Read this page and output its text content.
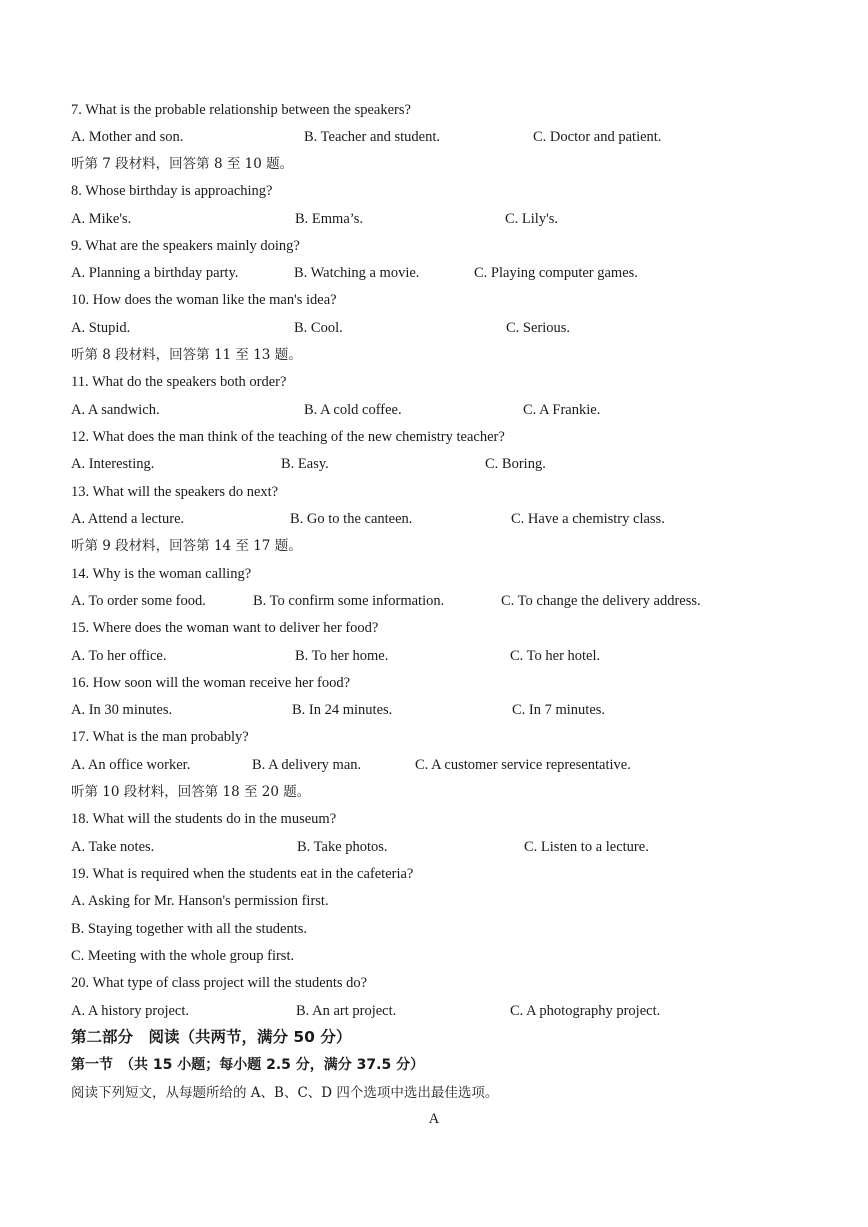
7. What is the probable relationship between the speakers?
A. Mother and son.	B. Teacher and student.	C. Doctor and patient.
听第 7 段材料，回答第 8 至 10 题。
8. Whose birthday is approaching?
A. Mike's.	B. Emma’s.	C. Lily's.
9. What are the speakers mainly doing?
A. Planning a birthday party.	B. Watching a movie.	C. Playing computer games.
10. How does the woman like the man's idea?
A. Stupid.	B. Cool.	C. Serious.
听第 8 段材料，回答第 11 至 13 题。
11. What do the speakers both order?
A. A sandwich.	B. A cold coffee.	C. A Frankie.
12. What does the man think of the teaching of the new chemistry teacher?
A. Interesting.	B. Easy.	C. Boring.
13. What will the speakers do next?
A. Attend a lecture.	B. Go to the canteen.	C. Have a chemistry class.
听第 9 段材料，回答第 14 至 17 题。
14. Why is the woman calling?
A. To order some food.	B. To confirm some information.	C. To change the delivery address.
15. Where does the woman want to deliver her food?
A. To her office.	B. To her home.	C. To her hotel.
16. How soon will the woman receive her food?
A. In 30 minutes.	B. In 24 minutes.	C. In 7 minutes.
17. What is the man probably?
A. An office worker.	B. A delivery man.	C. A customer service representative.
听第 10 段材料，回答第 18 至 20 题。
18. What will the students do in the museum?
A. Take notes.	B. Take photos.	C. Listen to a lecture.
19. What is required when the students eat in the cafeteria?
A. Asking for Mr. Hanson's permission first.
B. Staying together with all the students.
C. Meeting with the whole group first.
20. What type of class project will the students do?
A. A history project.	B. An art project.	C. A photography project.
第二部分　阅读（共两节，满分 50 分）
第一节　（共 15 小题；每小题 2.5 分，满分 37.5 分）
阅读下列短文，从每题所给的 A、B、C、D 四个选项中选出最佳选项。
A
